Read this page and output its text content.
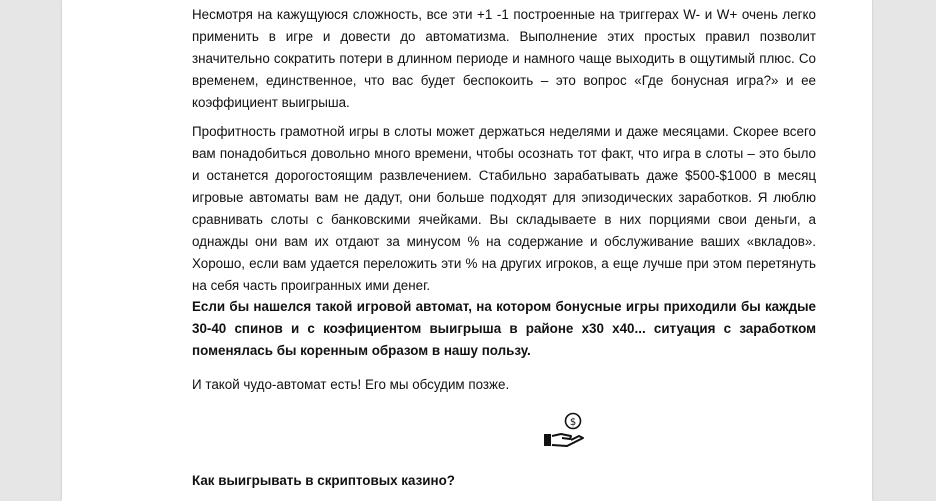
Несмотря на кажущуюся сложность, все эти +1 -1 построенные на триггерах W- и W+ очень легко применить в игре и довести до автоматизма. Выполнение этих простых правил позволит значительно сократить потери в длинном периоде и намного чаще выходить в ощутимый плюс. Со временем, единственное, что вас будет беспокоить – это вопрос «Где бонусная игра?» и ее коэффициент выигрыша.

Профитность грамотной игры в слоты может держаться неделями и даже месяцами. Скорее всего вам понадобиться довольно много времени, чтобы осознать тот факт, что игра в слоты – это было и останется дорогостоящим развлечением. Стабильно зарабатывать даже $500-$1000 в месяц игровые автоматы вам не дадут, они больше подходят для эпизодических заработков. Я люблю сравнивать слоты с банковскими ячейками. Вы складываете в них порциями свои деньги, а однажды они вам их отдают за минусом % на содержание и обслуживание ваших «вкладов». Хорошо, если вам удается переложить эти % на других игроков, а еще лучше при этом перетянуть на себя часть проигранных ими денег.

Если бы нашелся такой игровой автомат, на котором бонусные игры приходили бы каждые 30-40 спинов и с коэфициентом выигрыша в районе x30 x40... ситуация с заработком поменялась бы коренным образом в нашу пользу.

И такой чудо-автомат есть! Его мы обсудим позже.

Как выигрывать в скриптовых казино?

$
